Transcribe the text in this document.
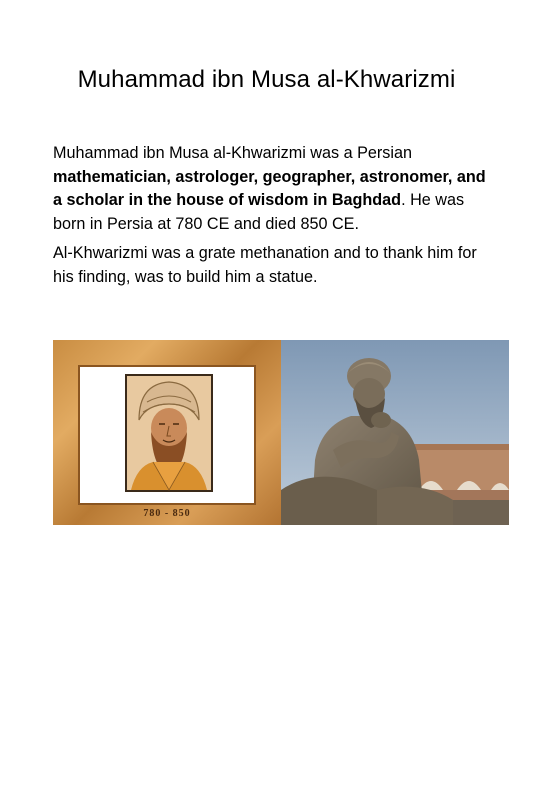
Muhammad ibn Musa al-Khwarizmi

Muhammad ibn Musa al-Khwarizmi was a Persian mathematician, astrologer, geographer, astronomer, and a scholar in the house of wisdom in Baghdad. He was born in Persia at 780 CE and died 850 CE.

Al-Khwarizmi was a grate methanation and to thank him for his finding, was to build him a statue.

780 - 850
